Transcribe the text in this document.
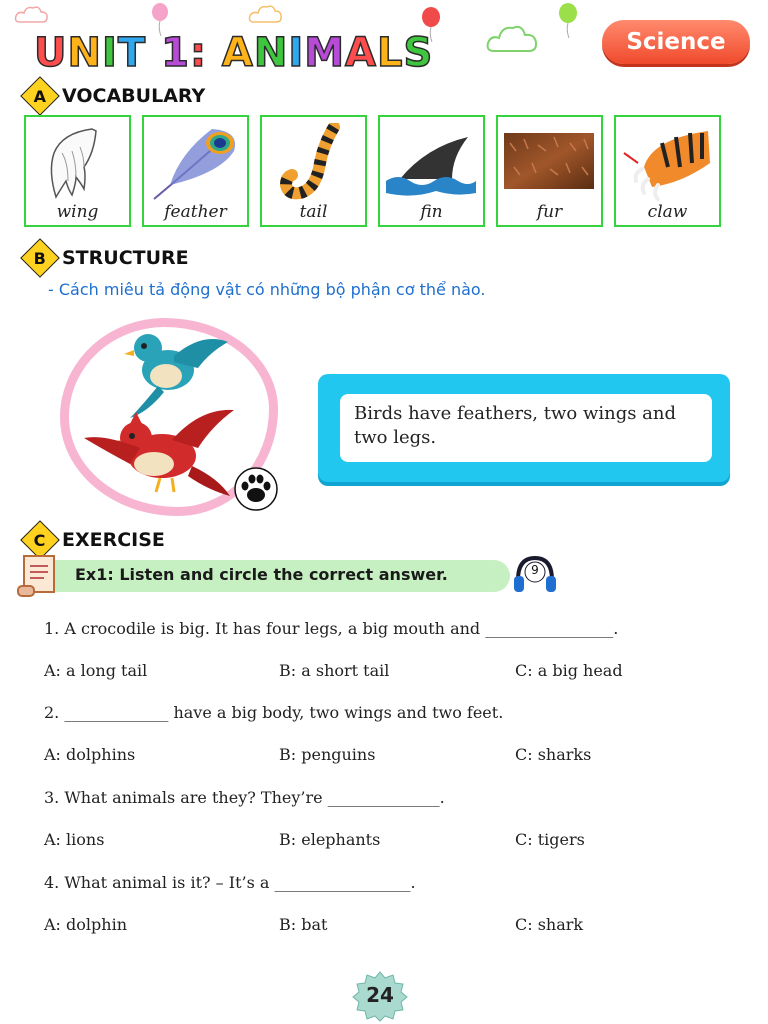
UNIT 1: ANIMALS	Science
A VOCABULARY
wing	feather	tail	fin	fur	claw
B STRUCTURE
- Cách miêu tả động vật có những bộ phận cơ thể nào.
Birds have feathers, two wings and two legs.
C EXERCISE
Ex1: Listen and circle the correct answer.	9
1. A crocodile is big. It has four legs, a big mouth and ________________.
A: a long tail	B: a short tail	C: a big head
2. _____________ have a big body, two wings and two feet.
A: dolphins	B: penguins	C: sharks
3. What animals are they? They’re ______________.
A: lions	B: elephants	C: tigers
4. What animal is it? – It’s a _________________.
A: dolphin	B: bat	C: shark
24
